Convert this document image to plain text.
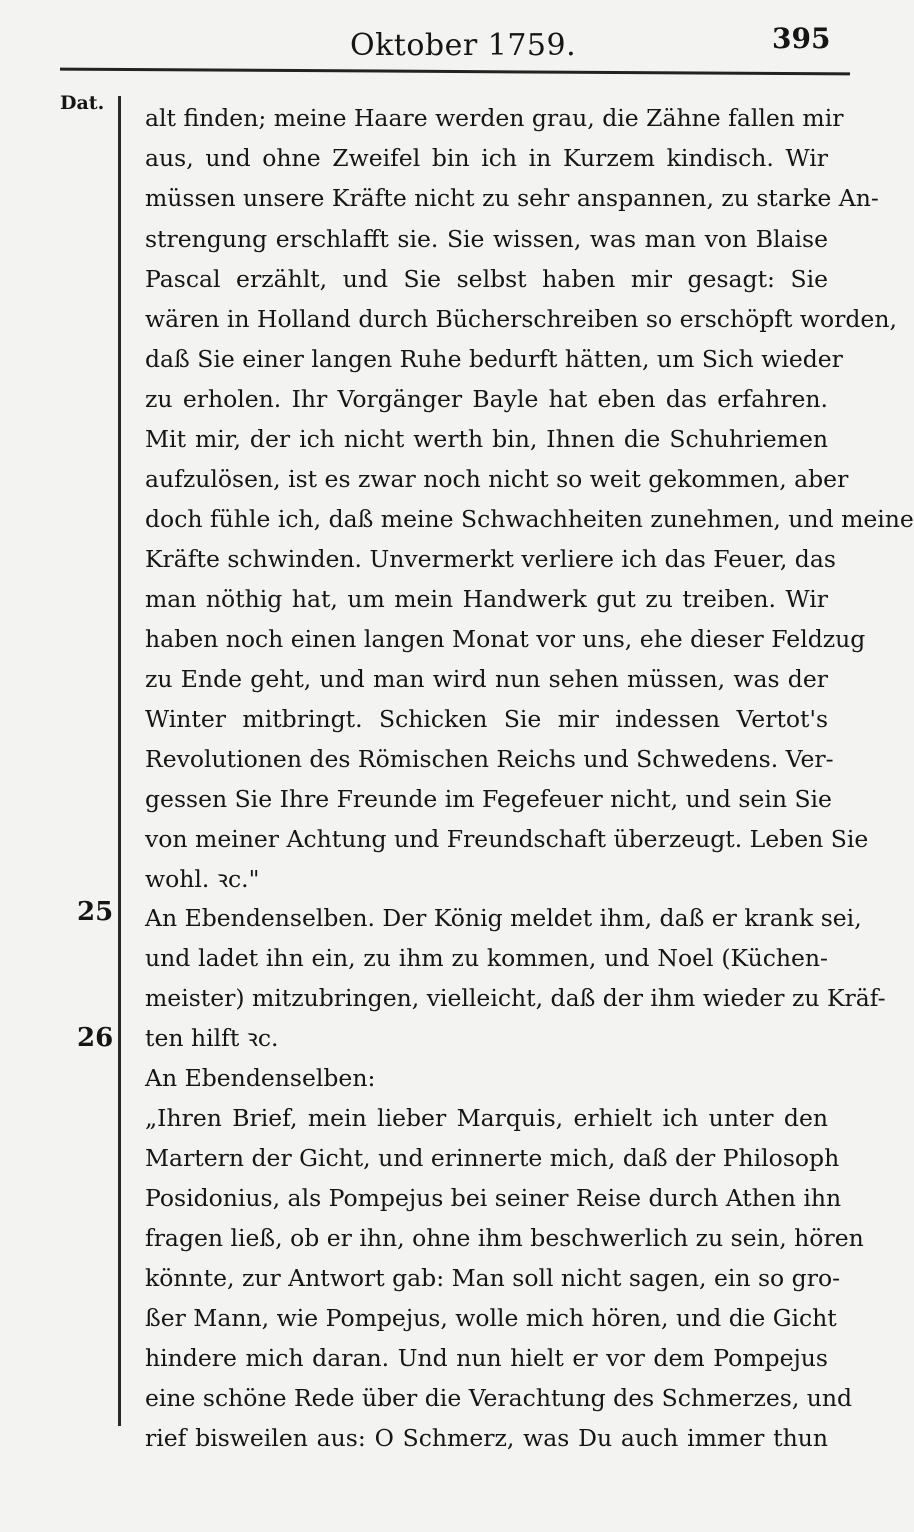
Oktober 1759.	395
Dat.
25
26
alt finden; meine Haare werden grau, die Zähne fallen mir
aus, und ohne Zweifel bin ich in Kurzem kindisch. Wir
müssen unsere Kräfte nicht zu sehr anspannen, zu starke An-
strengung erschlafft sie. Sie wissen, was man von Blaise
Pascal erzählt, und Sie selbst haben mir gesagt: Sie
wären in Holland durch Bücherschreiben so erschöpft worden,
daß Sie einer langen Ruhe bedurft hätten, um Sich wieder
zu erholen. Ihr Vorgänger Bayle hat eben das erfahren.
Mit mir, der ich nicht werth bin, Ihnen die Schuhriemen
aufzulösen, ist es zwar noch nicht so weit gekommen, aber
doch fühle ich, daß meine Schwachheiten zunehmen, und meine
Kräfte schwinden. Unvermerkt verliere ich das Feuer, das
man nöthig hat, um mein Handwerk gut zu treiben. Wir
haben noch einen langen Monat vor uns, ehe dieser Feldzug
zu Ende geht, und man wird nun sehen müssen, was der
Winter mitbringt. Schicken Sie mir indessen Vertot's
Revolutionen des Römischen Reichs und Schwedens. Ver-
gessen Sie Ihre Freunde im Fegefeuer nicht, und sein Sie
von meiner Achtung und Freundschaft überzeugt. Leben Sie
wohl. ꝛc."
An Ebendenselben. Der König meldet ihm, daß er krank sei,
und ladet ihn ein, zu ihm zu kommen, und Noel (Küchen-
meister) mitzubringen, vielleicht, daß der ihm wieder zu Kräf-
ten hilft ꝛc.
An Ebendenselben:
„Ihren Brief, mein lieber Marquis, erhielt ich unter den
Martern der Gicht, und erinnerte mich, daß der Philosoph
Posidonius, als Pompejus bei seiner Reise durch Athen ihn
fragen ließ, ob er ihn, ohne ihm beschwerlich zu sein, hören
könnte, zur Antwort gab: Man soll nicht sagen, ein so gro-
ßer Mann, wie Pompejus, wolle mich hören, und die Gicht
hindere mich daran. Und nun hielt er vor dem Pompejus
eine schöne Rede über die Verachtung des Schmerzes, und
rief bisweilen aus: O Schmerz, was Du auch immer thun
